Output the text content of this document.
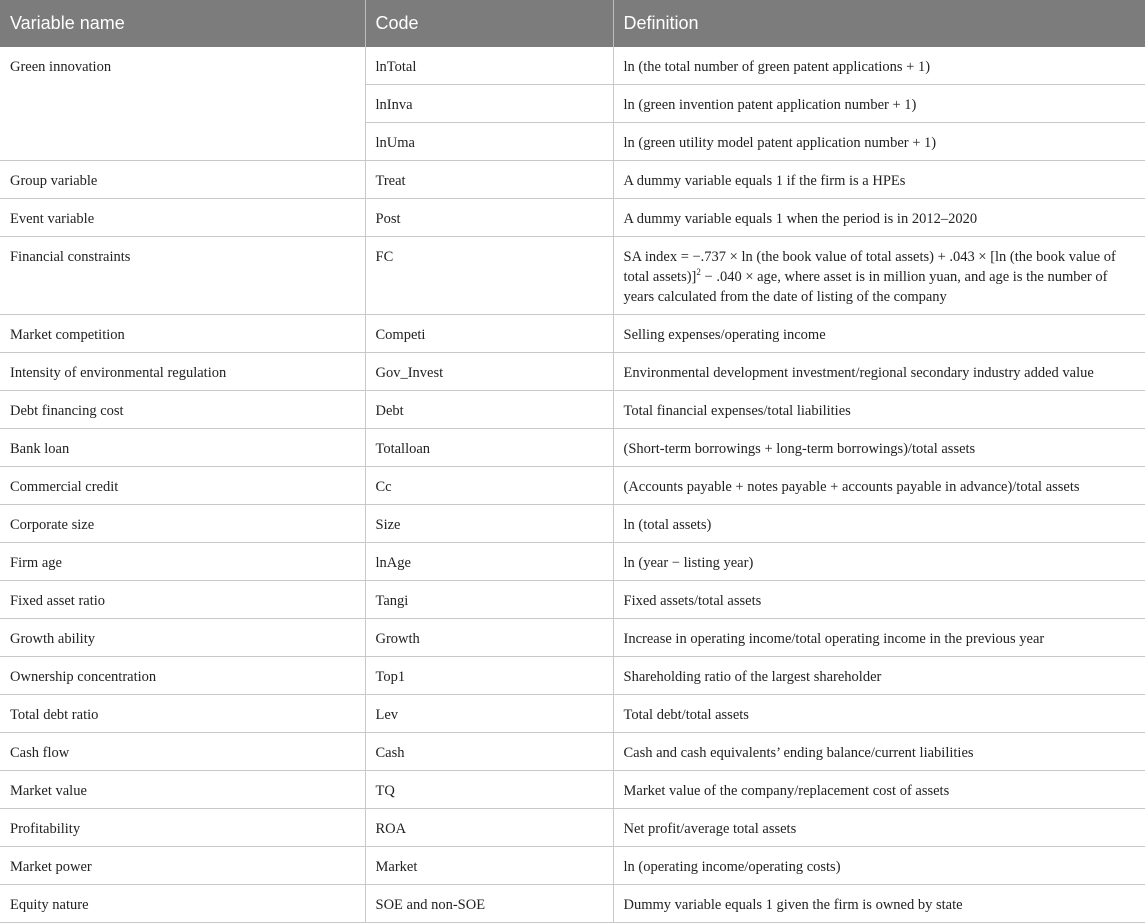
Variable name	Code	Definition
Green innovation	lnTotal	ln (the total number of green patent applications + 1)
	lnInva	ln (green invention patent application number + 1)
	lnUma	ln (green utility model patent application number + 1)
Group variable	Treat	A dummy variable equals 1 if the firm is a HPEs
Event variable	Post	A dummy variable equals 1 when the period is in 2012–2020
Financial constraints	FC	SA index = −.737 × ln (the book value of total assets) + .043 × [ln (the book value of total assets)]$^2$ − .040 × age, where asset is in million yuan, and age is the number of years calculated from the date of listing of the company
Market competition	Competi	Selling expenses/operating income
Intensity of environmental regulation	Gov_Invest	Environmental development investment/regional secondary industry added value
Debt financing cost	Debt	Total financial expenses/total liabilities
Bank loan	Totalloan	(Short-term borrowings + long-term borrowings)/total assets
Commercial credit	Cc	(Accounts payable + notes payable + accounts payable in advance)/total assets
Corporate size	Size	ln (total assets)
Firm age	lnAge	ln (year − listing year)
Fixed asset ratio	Tangi	Fixed assets/total assets
Growth ability	Growth	Increase in operating income/total operating income in the previous year
Ownership concentration	Top1	Shareholding ratio of the largest shareholder
Total debt ratio	Lev	Total debt/total assets
Cash flow	Cash	Cash and cash equivalents’ ending balance/current liabilities
Market value	TQ	Market value of the company/replacement cost of assets
Profitability	ROA	Net profit/average total assets
Market power	Market	ln (operating income/operating costs)
Equity nature	SOE and non-SOE	Dummy variable equals 1 given the firm is owned by state
